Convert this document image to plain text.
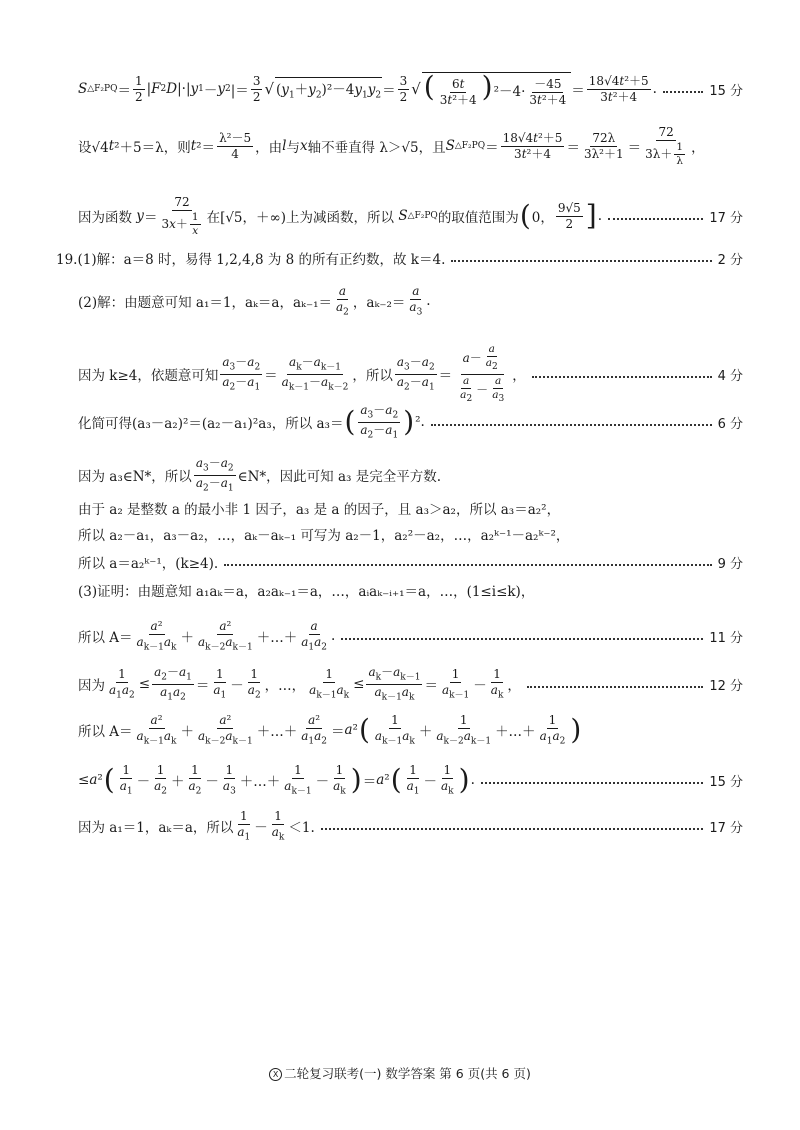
S △F₂PQ ＝ $\frac{1}{2}$ | F 2 D |·| y 1 － y 2 |＝ $\frac{3}{2}$ √ $(y_1+y_2)^2-4y_1y_2 = \frac{3}{2}$ √ ( $\frac{6t}{\text{3t²＋4}} )^2-4\cdot \frac{-45}{\text{3t²＋4}} = \frac{\text{18√4t²＋5}}{\text{3t²＋4}}$ .	15 分
设√4 t ²＋5＝λ，则 t $^2= \frac{\text{λ²－5}}{4}$ ，由 l 与 x 轴不垂直得 λ＞√5，且 S △F₂PQ ＝ $\frac{\text{18√4t²＋5}}{\text{3t²＋4}} = \frac{72\lambda}{\text{3λ²＋1}} = \frac{72}{3\lambda+ \frac{1}{\lambda}}$ ，
因为函数
$y = \frac{72}{3x+ \frac{1}{x}}$ 在 [√5，＋∞) 上为减函数，所以
S △F₂PQ 的取值范围为 ( 0， $\frac{9√5}{2}$ ] .	17 分
19.(1)解：a＝8 时，易得 1,2,4,8 为 8 的所有正约数，故 k＝4.	2 分
(2)解：由题意可知 a₁＝1，aₖ＝a，$a_{k-1}= \frac{a}{a_2}$ ，$a_{k-2}= \frac{a}{a_3}$ .
因为 k≥4，依题意可知 $\frac{a_3-a_2}{a_2-a_1} = \frac{a_k-a_{k-1}}{a_{k-1}-a_{k-2}}$ ，所以 $\frac{a_3-a_2}{a_2-a_1} = \frac{a- \frac{a}{a_2}}{\frac{a}{a_2} - \frac{a}{a_3}}$ ，	4 分
化简可得(a₃－a₂)²＝(a₂－a₁)²a₃，所以 a₃＝ ( $\frac{a_3-a_2}{a_2-a_1}$ ) ².	6 分
因为 a₃∈N*，所以 $\frac{a_3-a_2}{a_2-a_1}$ ∈N*，因此可知 a₃ 是完全平方数.
由于 a₂ 是整数 a 的最小非 1 因子，a₃ 是 a 的因子，且 a₃＞a₂，所以 a₃＝a₂²，
所以 a₂－a₁，a₃－a₂，…，aₖ－aₖ₋₁ 可写为 a₂－1，a₂²－a₂，…，a₂ᵏ⁻¹－a₂ᵏ⁻²，
所以 a＝a₂ᵏ⁻¹，(k≥4).	9 分
(3)证明：由题意知 a₁aₖ＝a，a₂aₖ₋₁＝a，…，aᵢaₖ₋ᵢ₊₁＝a，…，(1≤i≤k)，
所以 $A= \frac{\text{a²}}{a_{k-1}a_k} + \frac{\text{a²}}{a_{k-2}a_{k-1}}$ ＋…＋ $\frac{a}{a_1a_2}$ .	11 分
因为 $\frac{1}{a_1a_2} \le \frac{a_2-a_1}{a_1a_2} = \frac{1}{a_1} - \frac{1}{a_2}$ ，…， $\frac{1}{a_{k-1}a_k} \le \frac{a_k-a_{k-1}}{a_{k-1}a_k} = \frac{1}{a_{k-1}} - \frac{1}{a_k}$ ，	12 分
所以 $A= \frac{\text{a²}}{a_{k-1}a_k} + \frac{\text{a²}}{a_{k-2}a_{k-1}}$ ＋…＋ $\frac{\text{a²}}{a_1a_2} = a$ ² ( $\frac{1}{a_{k-1}a_k} + \frac{1}{a_{k-2}a_{k-1}}$ ＋…＋ $\frac{1}{a_1a_2}$ )
≤ a ² ( $\frac{1}{a_1} - \frac{1}{a_2} + \frac{1}{a_2} - \frac{1}{a_3}$ ＋…＋ $\frac{1}{a_{k-1}} - \frac{1}{a_k}$ ) ＝ a ² ( $\frac{1}{a_1} - \frac{1}{a_k}$ ) .	15 分
因为 a₁＝1，aₖ＝a，所以 $\frac{1}{a_1} - \frac{1}{a_k} <1$.	17 分
X 二轮复习联考(一) 数学答案 第 6 页(共 6 页)
